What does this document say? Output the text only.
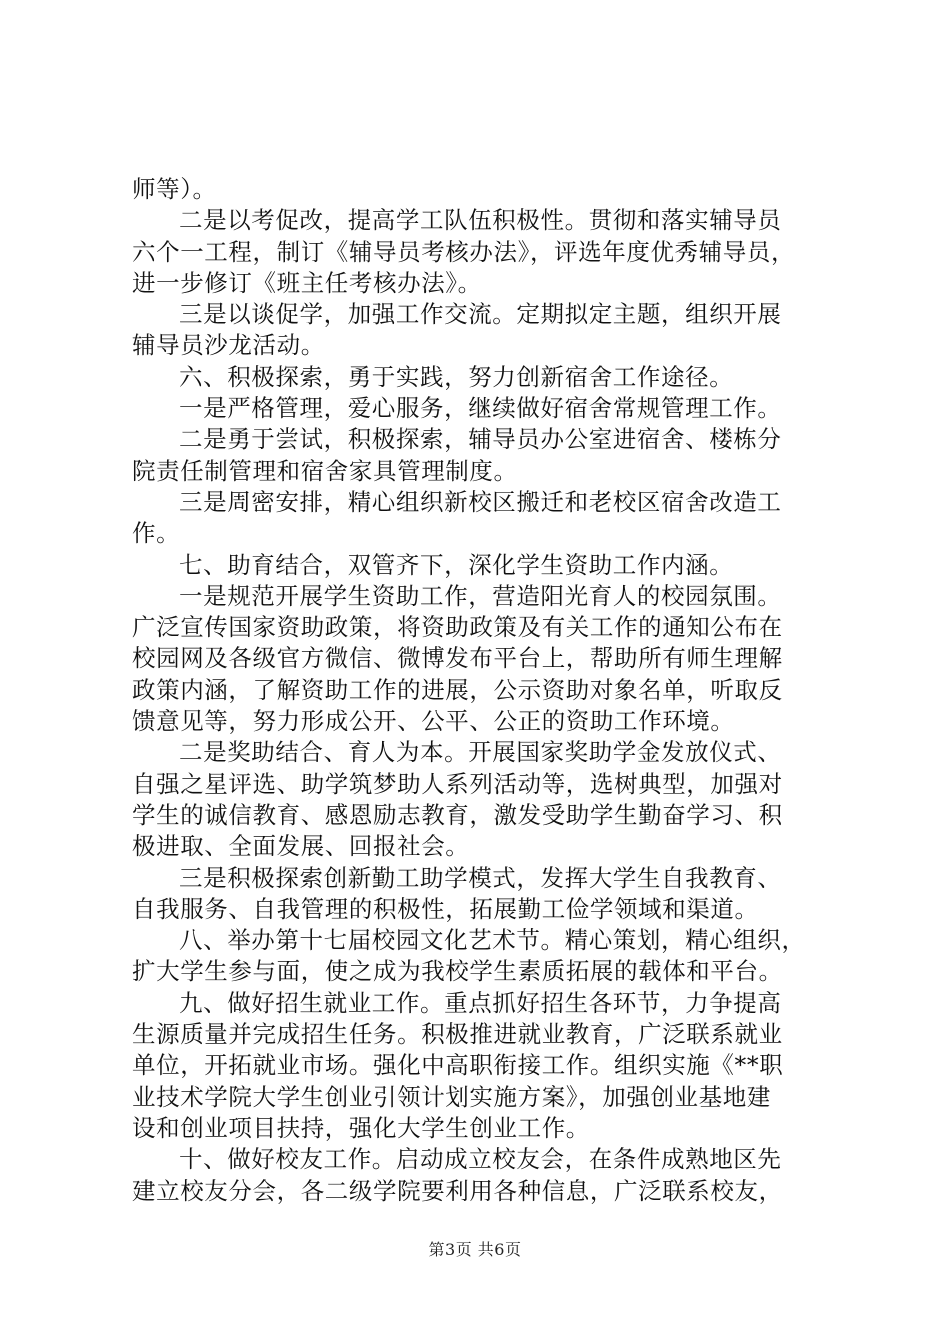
师等）。
二是以考促改，提高学工队伍积极性。贯彻和落实辅导员
六个一工程，制订《辅导员考核办法》，评选年度优秀辅导员，
进一步修订《班主任考核办法》。
三是以谈促学，加强工作交流。定期拟定主题，组织开展
辅导员沙龙活动。
六、积极探索，勇于实践，努力创新宿舍工作途径。
一是严格管理，爱心服务，继续做好宿舍常规管理工作。
二是勇于尝试，积极探索，辅导员办公室进宿舍、楼栋分
院责任制管理和宿舍家具管理制度。
三是周密安排，精心组织新校区搬迁和老校区宿舍改造工
作。
七、助育结合，双管齐下，深化学生资助工作内涵。
一是规范开展学生资助工作，营造阳光育人的校园氛围。
广泛宣传国家资助政策，将资助政策及有关工作的通知公布在
校园网及各级官方微信、微博发布平台上，帮助所有师生理解
政策内涵，了解资助工作的进展，公示资助对象名单，听取反
馈意见等，努力形成公开、公平、公正的资助工作环境。
二是奖助结合、育人为本。开展国家奖助学金发放仪式、
自强之星评选、助学筑梦助人系列活动等，选树典型，加强对
学生的诚信教育、感恩励志教育，激发受助学生勤奋学习、积
极进取、全面发展、回报社会。
三是积极探索创新勤工助学模式，发挥大学生自我教育、
自我服务、自我管理的积极性，拓展勤工俭学领域和渠道。
八、举办第十七届校园文化艺术节。精心策划，精心组织，
扩大学生参与面，使之成为我校学生素质拓展的载体和平台。
九、做好招生就业工作。重点抓好招生各环节，力争提高
生源质量并完成招生任务。积极推进就业教育，广泛联系就业
单位，开拓就业市场。强化中高职衔接工作。组织实施《**职
业技术学院大学生创业引领计划实施方案》，加强创业基地建
设和创业项目扶持，强化大学生创业工作。
十、做好校友工作。启动成立校友会，在条件成熟地区先
建立校友分会，各二级学院要利用各种信息，广泛联系校友，
第3页 共6页
